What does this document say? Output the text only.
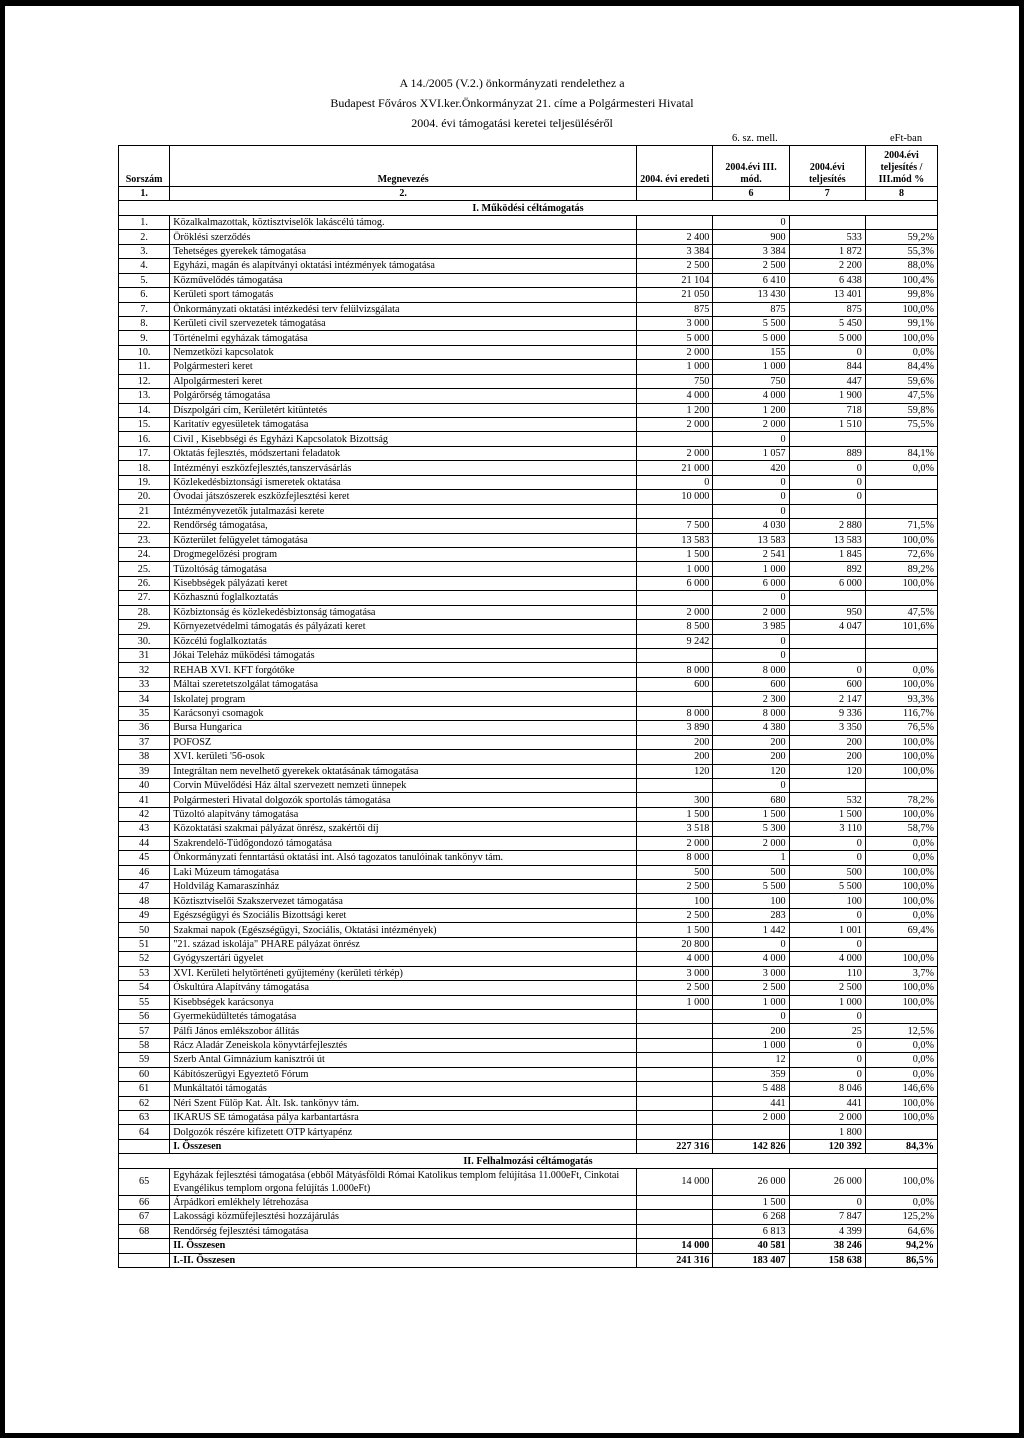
A 14./2005 (V.2.) önkormányzati rendelethez a
Budapest Főváros XVI.ker.Önkormányzat 21. címe a Polgármesteri Hivatal
2004. évi támogatási keretei teljesüléséről
6. sz. mell.	eFt-ban
Sorszám	Megnevezés	2004. évi eredeti	2004.évi III. mód.	2004.évi teljesítés	2004.évi teljesítés / III.mód %
1.	2.		6	7	8
I. Működési céltámogatás					
1.	Közalkalmazottak, köztisztviselők lakáscélú támog.		0		
2.	Öröklési szerződés	2 400	900	533	59,2%
3.	Tehetséges gyerekek támogatása	3 384	3 384	1 872	55,3%
4.	Egyházi, magán és alapítványi oktatási intézmények támogatása	2 500	2 500	2 200	88,0%
5.	Közművelődés támogatása	21 104	6 410	6 438	100,4%
6.	Kerületi sport támogatás	21 050	13 430	13 401	99,8%
7.	Önkormányzati oktatási intézkedési terv felülvizsgálata	875	875	875	100,0%
8.	Kerületi civil szervezetek támogatása	3 000	5 500	5 450	99,1%
9.	Történelmi egyházak támogatása	5 000	5 000	5 000	100,0%
10.	Nemzetközi kapcsolatok	2 000	155	0	0,0%
11.	Polgármesteri keret	1 000	1 000	844	84,4%
12.	Alpolgármesteri keret	750	750	447	59,6%
13.	Polgárőrség támogatása	4 000	4 000	1 900	47,5%
14.	Díszpolgári cím, Kerületért kitüntetés	1 200	1 200	718	59,8%
15.	Karitatív egyesületek támogatása	2 000	2 000	1 510	75,5%
16.	Civil , Kisebbségi és Egyházi Kapcsolatok Bizottság		0		
17.	Oktatás fejlesztés, módszertani feladatok	2 000	1 057	889	84,1%
18.	Intézményi eszközfejlesztés,tanszervásárlás	21 000	420	0	0,0%
19.	Közlekedésbiztonsági ismeretek oktatása	0	0	0	
20.	Óvodai játszószerek eszközfejlesztési keret	10 000	0	0	
21	Intézményvezetők jutalmazási kerete		0		
22.	Rendőrség támogatása,	7 500	4 030	2 880	71,5%
23.	Közterület felügyelet támogatása	13 583	13 583	13 583	100,0%
24.	Drogmegelőzési program	1 500	2 541	1 845	72,6%
25.	Tűzoltóság támogatása	1 000	1 000	892	89,2%
26.	Kisebbségek pályázati keret	6 000	6 000	6 000	100,0%
27.	Közhasznú foglalkoztatás		0		
28.	Közbiztonság és közlekedésbiztonság támogatása	2 000	2 000	950	47,5%
29.	Környezetvédelmi támogatás és pályázati keret	8 500	3 985	4 047	101,6%
30.	Közcélú foglalkoztatás	9 242	0		
31	Jókai Teleház működési támogatás		0		
32	REHAB XVI. KFT forgótőke	8 000	8 000	0	0,0%
33	Máltai szeretetszolgálat támogatása	600	600	600	100,0%
34	Iskolatej program		2 300	2 147	93,3%
35	Karácsonyi csomagok	8 000	8 000	9 336	116,7%
36	Bursa Hungarica	3 890	4 380	3 350	76,5%
37	POFOSZ	200	200	200	100,0%
38	XVI. kerületi '56-osok	200	200	200	100,0%
39	Integráltan nem nevelhető gyerekek oktatásának támogatása	120	120	120	100,0%
40	Corvin Művelődési Ház által szervezett nemzeti ünnepek		0		
41	Polgármesteri Hivatal dolgozók sportolás támogatása	300	680	532	78,2%
42	Tűzoltó alapítvány támogatása	1 500	1 500	1 500	100,0%
43	Közoktatási szakmai pályázat önrész, szakértői díj	3 518	5 300	3 110	58,7%
44	Szakrendelő-Tüdőgondozó támogatása	2 000	2 000	0	0,0%
45	Önkormányzati fenntartású oktatási int. Alsó tagozatos tanulóinak tankönyv tám.	8 000	1	0	0,0%
46	Laki Múzeum támogatása	500	500	500	100,0%
47	Holdvilág Kamaraszínház	2 500	5 500	5 500	100,0%
48	Köztisztviselői Szakszervezet támogatása	100	100	100	100,0%
49	Egészségügyi és Szociális Bizottsági keret	2 500	283	0	0,0%
50	Szakmai napok (Egészségügyi, Szociális, Oktatási intézmények)	1 500	1 442	1 001	69,4%
51	"21. század iskolája" PHARE pályázat önrész	20 800	0	0	
52	Gyógyszertári ügyelet	4 000	4 000	4 000	100,0%
53	XVI. Kerületi helytörténeti gyűjtemény (kerületi térkép)	3 000	3 000	110	3,7%
54	Óskultúra Alapítvány támogatása	2 500	2 500	2 500	100,0%
55	Kisebbségek karácsonya	1 000	1 000	1 000	100,0%
56	Gyermeküdültetés támogatása		0	0	
57	Pálfi János emlékszobor állítás		200	25	12,5%
58	Rácz Aladár Zeneiskola könyvtárfejlesztés		1 000	0	0,0%
59	Szerb Antal Gimnázium kanisztrói út		12	0	0,0%
60	Kábítószerügyi Egyeztető Fórum		359	0	0,0%
61	Munkáltatói támogatás		5 488	8 046	146,6%
62	Néri Szent Fülöp Kat. Ált. Isk. tankönyv tám.		441	441	100,0%
63	IKARUS SE támogatása pálya karbantartásra		2 000	2 000	100,0%
64	Dolgozók részére kifizetett OTP kártyapénz			1 800	
	I. Összesen	227 316	142 826	120 392	84,3%
II. Felhalmozási céltámogatás					
65	Egyházak fejlesztési támogatása (ebből Mátyásföldi Római Katolikus templom felújítása 11.000eFt, Cinkotai Evangélikus templom orgona felújítás 1.000eFt)	14 000	26 000	26 000	100,0%
66	Árpádkori emlékhely létrehozása		1 500	0	0,0%
67	Lakossági közműfejlesztési hozzájárulás		6 268	7 847	125,2%
68	Rendőrség fejlesztési támogatása		6 813	4 399	64,6%
	II. Összesen	14 000	40 581	38 246	94,2%
	I.-II. Összesen	241 316	183 407	158 638	86,5%
